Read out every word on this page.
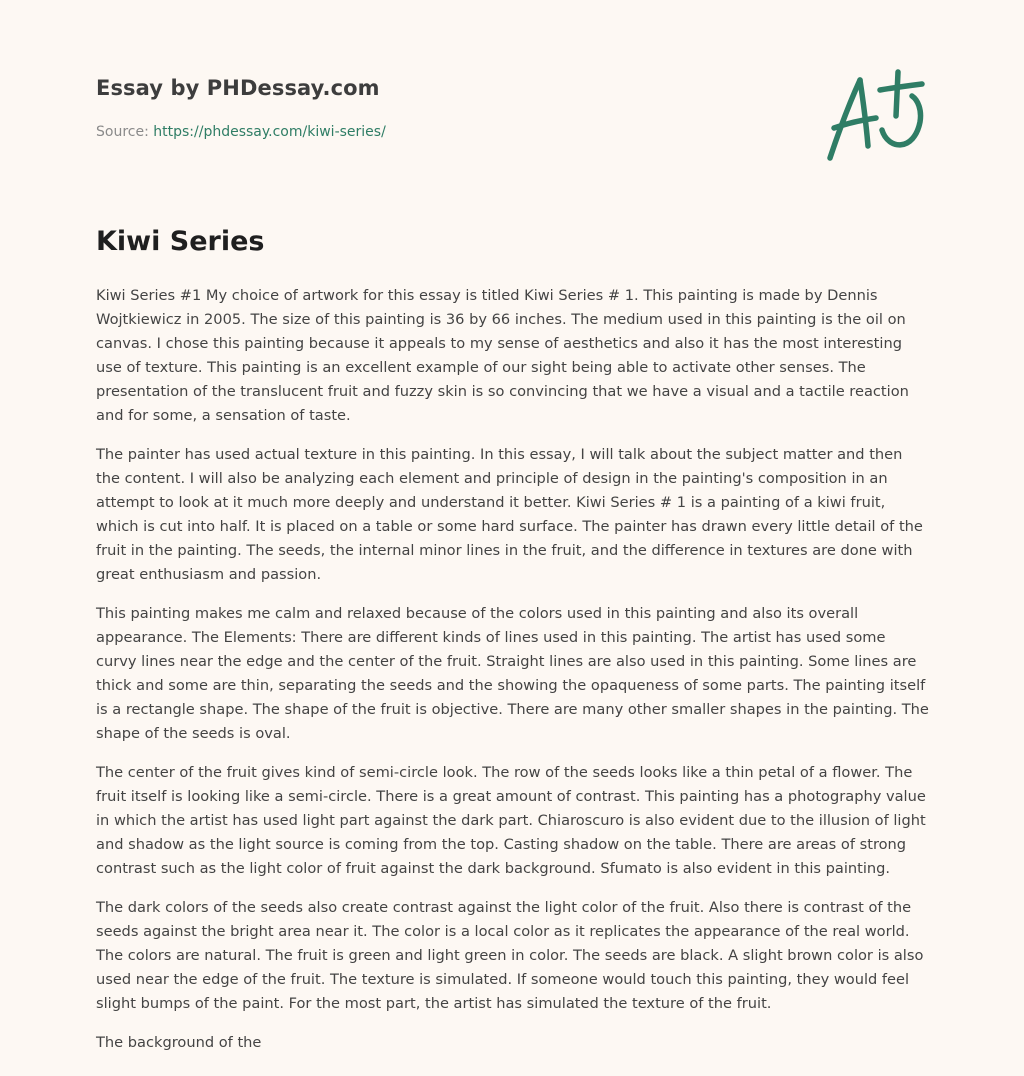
Essay by PHDessay.com
Source: https://phdessay.com/kiwi-series/
Kiwi Series

Kiwi Series #1 My choice of artwork for this essay is titled Kiwi Series # 1. This painting is made by Dennis Wojtkiewicz in 2005. The size of this painting is 36 by 66 inches. The medium used in this painting is the oil on canvas. I chose this painting because it appeals to my sense of aesthetics and also it has the most interesting use of texture. This painting is an excellent example of our sight being able to activate other senses. The presentation of the translucent fruit and fuzzy skin is so convincing that we have a visual and a tactile reaction and for some, a sensation of taste.

The painter has used actual texture in this painting. In this essay, I will talk about the subject matter and then the content. I will also be analyzing each element and principle of design in the painting's composition in an attempt to look at it much more deeply and understand it better. Kiwi Series # 1 is a painting of a kiwi fruit, which is cut into half. It is placed on a table or some hard surface. The painter has drawn every little detail of the fruit in the painting. The seeds, the internal minor lines in the fruit, and the difference in textures are done with great enthusiasm and passion.

This painting makes me calm and relaxed because of the colors used in this painting and also its overall appearance. The Elements: There are different kinds of lines used in this painting. The artist has used some curvy lines near the edge and the center of the fruit. Straight lines are also used in this painting. Some lines are thick and some are thin, separating the seeds and the showing the opaqueness of some parts. The painting itself is a rectangle shape. The shape of the fruit is objective. There are many other smaller shapes in the painting. The shape of the seeds is oval.

The center of the fruit gives kind of semi-circle look. The row of the seeds looks like a thin petal of a flower. The fruit itself is looking like a semi-circle. There is a great amount of contrast. This painting has a photography value in which the artist has used light part against the dark part. Chiaroscuro is also evident due to the illusion of light and shadow as the light source is coming from the top. Casting shadow on the table. There are areas of strong contrast such as the light color of fruit against the dark background. Sfumato is also evident in this painting.

The dark colors of the seeds also create contrast against the light color of the fruit. Also there is contrast of the seeds against the bright area near it. The color is a local color as it replicates the appearance of the real world. The colors are natural. The fruit is green and light green in color. The seeds are black. A slight brown color is also used near the edge of the fruit. The texture is simulated. If someone would touch this painting, they would feel slight bumps of the paint. For the most part, the artist has simulated the texture of the fruit.

The background of the
